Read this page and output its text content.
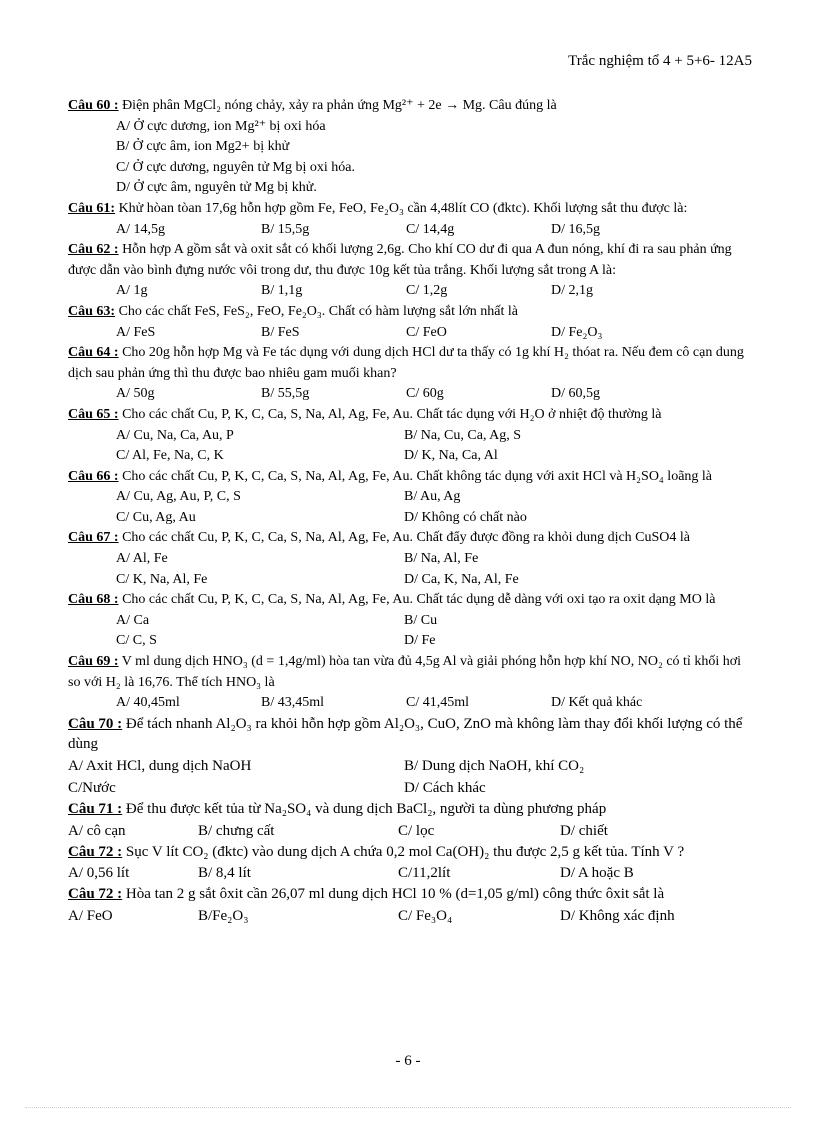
Trắc nghiệm tổ 4 + 5+6- 12A5
Câu 60 : Điện phân MgCl₂ nóng chảy, xảy ra phản ứng Mg²⁺ + 2e → Mg. Câu đúng là
A/ Ở cực dương, ion Mg²⁺ bị oxi hóa
B/ Ở cực âm, ion Mg2+ bị khử
C/ Ở cực dương, nguyên tử Mg bị oxi hóa.
D/ Ở cực âm, nguyên tử Mg bị khử.
Câu 61: Khử hòan tòan 17,6g hỗn hợp gồm Fe, FeO, Fe₂O₃ cần 4,48lít CO (đktc). Khối lượng sắt thu được là:
A/ 14,5g	B/ 15,5g	C/ 14,4g	D/ 16,5g
Câu 62 : Hỗn hợp A gồm sắt và oxit sắt có khối lượng 2,6g. Cho khí CO dư đi qua A đun nóng, khí đi ra sau phản ứng được dẫn vào bình đựng nước vôi trong dư, thu được 10g kết tủa trắng. Khối lượng sắt trong A là:
A/ 1g	B/ 1,1g	C/ 1,2g	D/ 2,1g
Câu 63: Cho các chất FeS, FeS₂, FeO, Fe₂O₃. Chất có hàm lượng sắt lớn nhất là
A/ FeS	B/ FeS	C/ FeO	D/ Fe₂O₃
Câu 64 : Cho 20g hỗn hợp Mg và Fe tác dụng với dung dịch HCl dư ta thấy có 1g khí H₂ thóat ra. Nếu đem cô cạn dung dịch sau phản ứng thì thu được bao nhiêu gam muối khan?
A/ 50g	B/ 55,5g	C/ 60g	D/ 60,5g
Câu 65 : Cho các chất Cu, P, K, C, Ca, S, Na, Al, Ag, Fe, Au. Chất tác dụng với H₂O ở nhiệt độ thường là
A/ Cu, Na, Ca, Au, P	B/ Na, Cu, Ca, Ag, S
C/ Al, Fe, Na, C, K	D/ K, Na, Ca, Al
Câu 66 : Cho các chất Cu, P, K, C, Ca, S, Na, Al, Ag, Fe, Au. Chất không tác dụng với axit HCl và H₂SO₄ loãng là
A/ Cu, Ag, Au, P, C, S	B/ Au, Ag
C/ Cu, Ag, Au	D/ Không có chất nào
Câu 67 : Cho các chất Cu, P, K, C, Ca, S, Na, Al, Ag, Fe, Au. Chất đẩy được đồng ra khỏi dung dịch CuSO4 là
A/ Al, Fe	B/ Na, Al, Fe
C/ K, Na, Al, Fe	D/ Ca, K, Na, Al, Fe
Câu 68 : Cho các chất Cu, P, K, C, Ca, S, Na, Al, Ag, Fe, Au. Chất tác dụng dễ dàng với oxi tạo ra oxit dạng MO là
A/ Ca	B/ Cu
C/ C, S	D/ Fe
Câu 69 : V ml dung dịch HNO₃ (d = 1,4g/ml) hòa tan vừa đủ 4,5g Al và giải phóng hỗn hợp khí NO, NO₂ có tỉ khối hơi so với H₂ là 16,76. Thể tích HNO₃ là
A/ 40,45ml	B/ 43,45ml	C/ 41,45ml	D/ Kết quả khác
Câu 70 : Để tách nhanh Al₂O₃ ra khỏi hỗn hợp gồm Al₂O₃, CuO, ZnO mà không làm thay đổi khối lượng có thể dùng
A/ Axit HCl, dung dịch NaOH	B/ Dung dịch NaOH, khí CO₂
C/Nước	D/ Cách khác
Câu 71 : Để thu được kết tủa từ Na₂SO₄ và dung dịch BaCl₂, người ta dùng phương pháp
A/ cô cạn	B/ chưng cất	C/ lọc	D/ chiết
Câu 72 : Sục V lít CO₂ (đktc) vào dung dịch A chứa 0,2 mol Ca(OH)₂ thu được 2,5 g kết tủa. Tính V ?
A/ 0,56 lít	B/ 8,4 lít	C/11,2lít	D/ A hoặc B
Câu 72 : Hòa tan 2 g sắt ôxit cần 26,07 ml dung dịch HCl 10 % (d=1,05 g/ml) công thức ôxit sắt là
A/ FeO	B/Fe₂O₃	C/ Fe₃O₄	D/ Không xác định
- 6 -
